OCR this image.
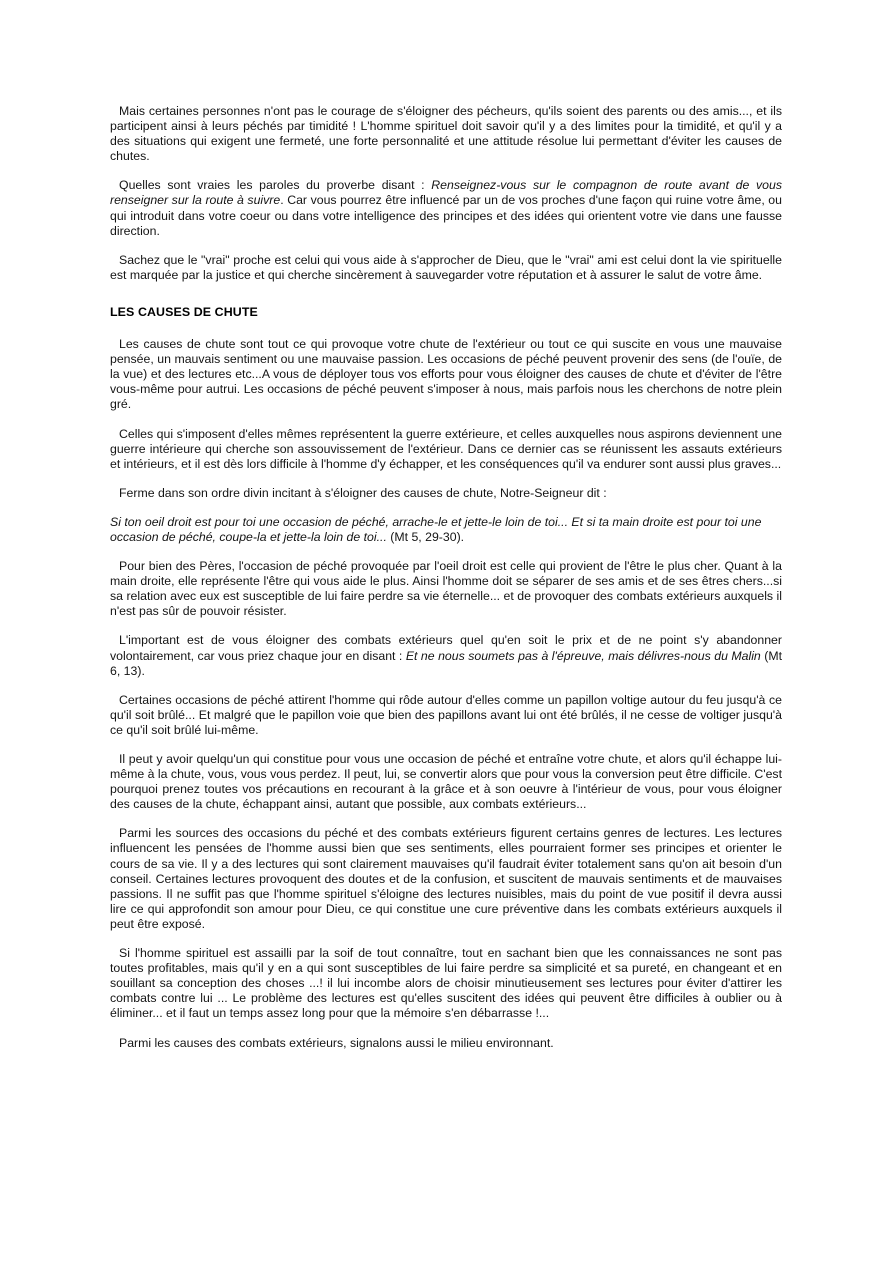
Mais certaines personnes n'ont pas le courage de s'éloigner des pécheurs, qu'ils soient des parents ou des amis..., et ils participent ainsi à leurs péchés par timidité ! L'homme spirituel doit savoir qu'il y a des limites pour la timidité, et qu'il y a des situations qui exigent une fermeté, une forte personnalité et une attitude résolue lui permettant d'éviter les causes de chutes.

Quelles sont vraies les paroles du proverbe disant : Renseignez-vous sur le compagnon de route avant de vous renseigner sur la route à suivre. Car vous pourrez être influencé par un de vos proches d'une façon qui ruine votre âme, ou qui introduit dans votre coeur ou dans votre intelligence des principes et des idées qui orientent votre vie dans une fausse direction.

Sachez que le "vrai" proche est celui qui vous aide à s'approcher de Dieu, que le "vrai" ami est celui dont la vie spirituelle est marquée par la justice et qui cherche sincèrement à sauvegarder votre réputation et à assurer le salut de votre âme.

LES CAUSES DE CHUTE

Les causes de chute sont tout ce qui provoque votre chute de l'extérieur ou tout ce qui suscite en vous une mauvaise pensée, un mauvais sentiment ou une mauvaise passion. Les occasions de péché peuvent provenir des sens (de l'ouïe, de la vue) et des lectures etc...A vous de déployer tous vos efforts pour vous éloigner des causes de chute et d'éviter de l'être vous-même pour autrui. Les occasions de péché peuvent s'imposer à nous, mais parfois nous les cherchons de notre plein gré.

Celles qui s'imposent d'elles mêmes représentent la guerre extérieure, et celles auxquelles nous aspirons deviennent une guerre intérieure qui cherche son assouvissement de l'extérieur. Dans ce dernier cas se réunissent les assauts extérieurs et intérieurs, et il est dès lors difficile à l'homme d'y échapper, et les conséquences qu'il va endurer sont aussi plus graves...

Ferme dans son ordre divin incitant à s'éloigner des causes de chute, Notre-Seigneur dit :

Si ton oeil droit est pour toi une occasion de péché, arrache-le et jette-le loin de toi... Et si ta main droite est pour toi une occasion de péché, coupe-la et jette-la loin de toi... (Mt 5, 29-30).

Pour bien des Pères, l'occasion de péché provoquée par l'oeil droit est celle qui provient de l'être le plus cher. Quant à la main droite, elle représente l'être qui vous aide le plus. Ainsi l'homme doit se séparer de ses amis et de ses êtres chers...si sa relation avec eux est susceptible de lui faire perdre sa vie éternelle... et de provoquer des combats extérieurs auxquels il n'est pas sûr de pouvoir résister.

L'important est de vous éloigner des combats extérieurs quel qu'en soit le prix et de ne point s'y abandonner volontairement, car vous priez chaque jour en disant : Et ne nous soumets pas à l'épreuve, mais délivres-nous du Malin (Mt 6, 13).

Certaines occasions de péché attirent l'homme qui rôde autour d'elles comme un papillon voltige autour du feu jusqu'à ce qu'il soit brûlé... Et malgré que le papillon voie que bien des papillons avant lui ont été brûlés, il ne cesse de voltiger jusqu'à ce qu'il soit brûlé lui-même.

Il peut y avoir quelqu'un qui constitue pour vous une occasion de péché et entraîne votre chute, et alors qu'il échappe lui-même à la chute, vous, vous vous perdez. Il peut, lui, se convertir alors que pour vous la conversion peut être difficile. C'est pourquoi prenez toutes vos précautions en recourant à la grâce et à son oeuvre à l'intérieur de vous, pour vous éloigner des causes de la chute, échappant ainsi, autant que possible, aux combats extérieurs...

Parmi les sources des occasions du péché et des combats extérieurs figurent certains genres de lectures. Les lectures influencent les pensées de l'homme aussi bien que ses sentiments, elles pourraient former ses principes et orienter le cours de sa vie. Il y a des lectures qui sont clairement mauvaises qu'il faudrait éviter totalement sans qu'on ait besoin d'un conseil. Certaines lectures provoquent des doutes et de la confusion, et suscitent de mauvais sentiments et de mauvaises passions. Il ne suffit pas que l'homme spirituel s'éloigne des lectures nuisibles, mais du point de vue positif il devra aussi lire ce qui approfondit son amour pour Dieu, ce qui constitue une cure préventive dans les combats extérieurs auxquels il peut être exposé.

Si l'homme spirituel est assailli par la soif de tout connaître, tout en sachant bien que les connaissances ne sont pas toutes profitables, mais qu'il y en a qui sont susceptibles de lui faire perdre sa simplicité et sa pureté, en changeant et en souillant sa conception des choses ...! il lui incombe alors de choisir minutieusement ses lectures pour éviter d'attirer les combats contre lui ... Le problème des lectures est qu'elles suscitent des idées qui peuvent être difficiles à oublier ou à éliminer... et il faut un temps assez long pour que la mémoire s'en débarrasse !...

Parmi les causes des combats extérieurs, signalons aussi le milieu environnant.
